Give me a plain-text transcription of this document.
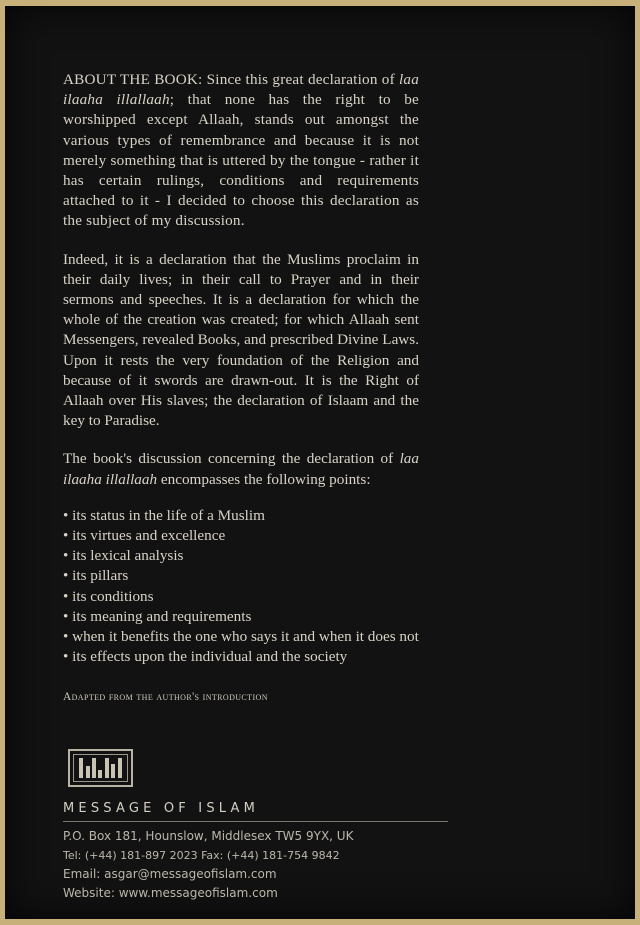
ABOUT THE BOOK: Since this great declaration of laa ilaaha illallaah; that none has the right to be worshipped except Allaah, stands out amongst the various types of remembrance and because it is not merely something that is uttered by the tongue - rather it has certain rulings, conditions and requirements attached to it - I decided to choose this declaration as the subject of my discussion.

Indeed, it is a declaration that the Muslims proclaim in their daily lives; in their call to Prayer and in their sermons and speeches. It is a declaration for which the whole of the creation was created; for which Allaah sent Messengers, revealed Books, and prescribed Divine Laws. Upon it rests the very foundation of the Religion and because of it swords are drawn-out. It is the Right of Allaah over His slaves; the declaration of Islaam and the key to Paradise.

The book's discussion concerning the declaration of laa ilaaha illallaah encompasses the following points:

• its status in the life of a Muslim
• its virtues and excellence
• its lexical analysis
• its pillars
• its conditions
• its meaning and requirements
• when it benefits the one who says it and when it does not
• its effects upon the individual and the society
Adapted from the author's introduction
MESSAGE OF ISLAM
P.O. Box 181, Hounslow, Middlesex TW5 9YX, UK
Tel: (+44) 181-897 2023 Fax: (+44) 181-754 9842
Email: asgar@messageofislam.com
Website: www.messageofislam.com
